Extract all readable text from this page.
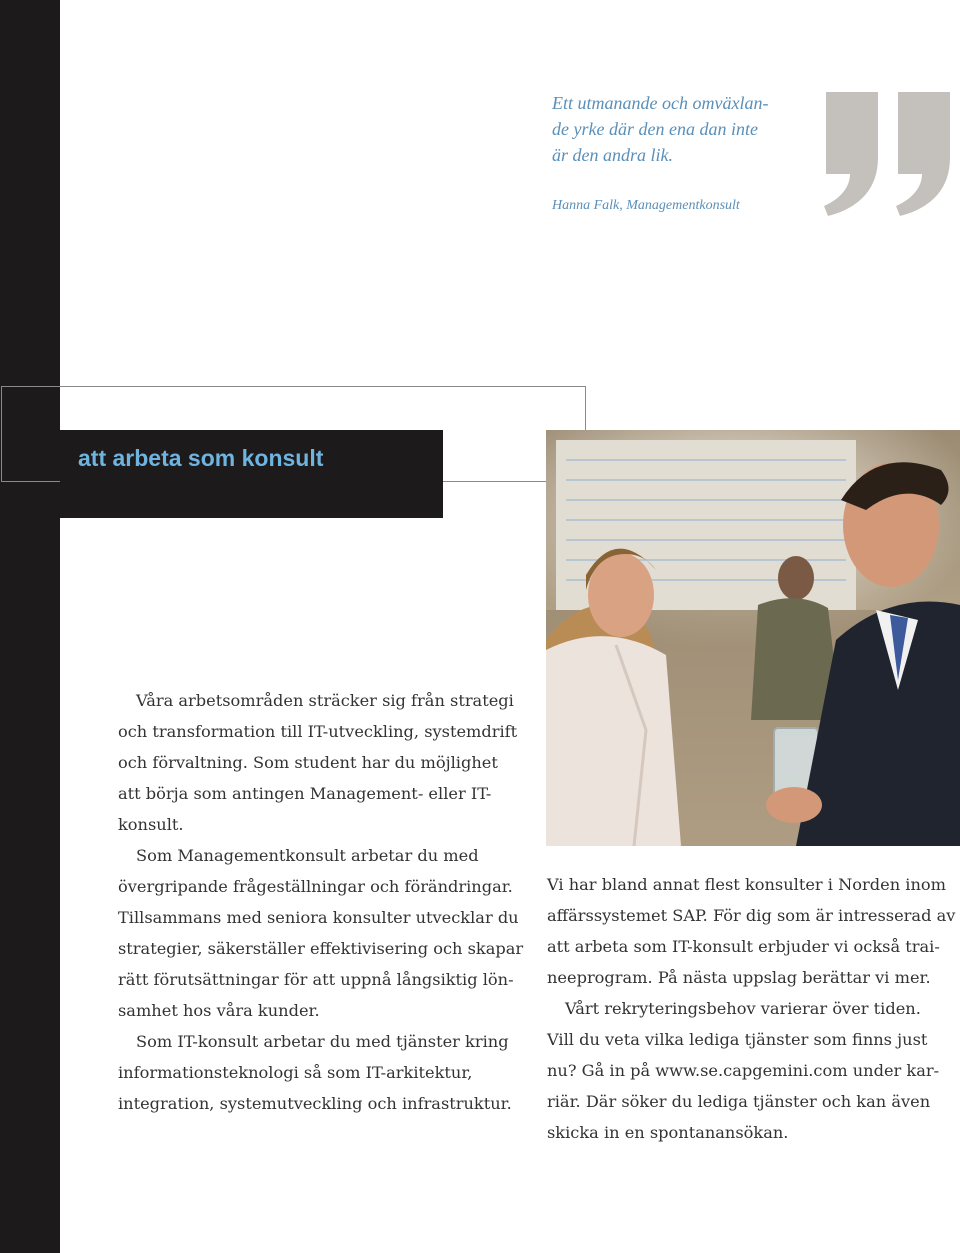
Ett utmanande och omväxlan-
de yrke där den ena dan inte
är den andra lik.
Hanna Falk, Managementkonsult
att arbeta som konsult
Våra arbetsområden sträcker sig från strategi
och transformation till IT-utveckling, systemdrift
och förvaltning. Som student har du möjlighet
att börja som antingen Management- eller IT-
konsult.
Som Managementkonsult arbetar du med
övergripande frågeställningar och förändringar.
Tillsammans med seniora konsulter utvecklar du
strategier, säkerställer effektivisering och skapar
rätt förutsättningar för att uppnå långsiktig lön-
samhet hos våra kunder.
Som IT-konsult arbetar du med tjänster kring
informationsteknologi så som IT-arkitektur,
integration, systemutveckling och infrastruktur.
Vi har bland annat flest konsulter i Norden inom
affärssystemet SAP. För dig som är intresserad av
att arbeta som IT-konsult erbjuder vi också trai-
neeprogram. På nästa uppslag berättar vi mer.
Vårt rekryteringsbehov varierar över tiden.
Vill du veta vilka lediga tjänster som finns just
nu? Gå in på www.se.capgemini.com under kar-
riär. Där söker du lediga tjänster och kan även
skicka in en spontanansökan.
